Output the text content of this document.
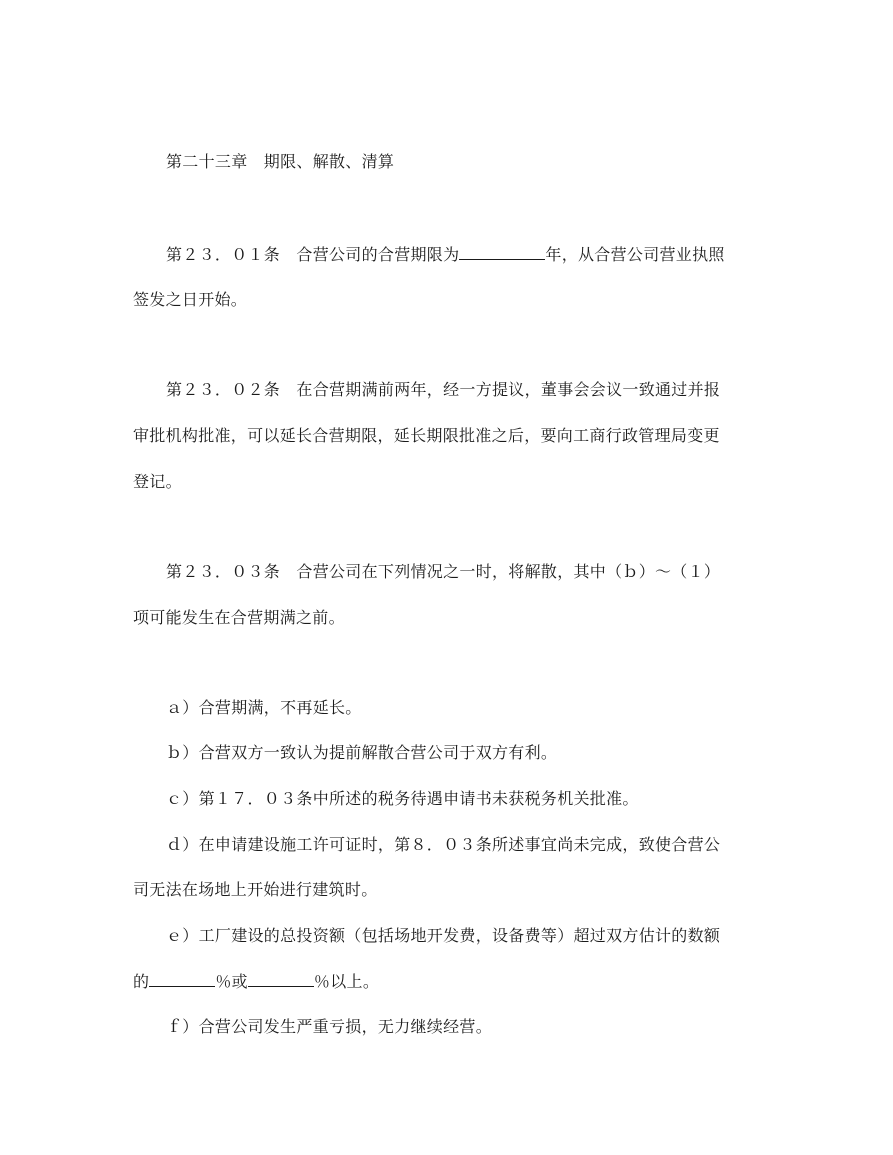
第二十三章　期限、解散、清算
第２３．０１条　合营公司的合营期限为	年，从合营公司营业执照
签发之日开始。
第２３．０２条　在合营期满前两年，经一方提议，董事会会议一致通过并报
审批机构批准，可以延长合营期限，延长期限批准之后，要向工商行政管理局变更
登记。
第２３．０３条　合营公司在下列情况之一时，将解散，其中（ｂ）～（１）
项可能发生在合营期满之前。
ａ）合营期满，不再延长。
ｂ）合营双方一致认为提前解散合营公司于双方有利。
ｃ）第１７．０３条中所述的税务待遇申请书未获税务机关批准。
ｄ）在申请建设施工许可证时，第８．０３条所述事宜尚未完成，致使合营公
司无法在场地上开始进行建筑时。
ｅ）工厂建设的总投资额（包括场地开发费，设备费等）超过双方估计的数额
的	％或	％以上。
ｆ）合营公司发生严重亏损，无力继续经营。
